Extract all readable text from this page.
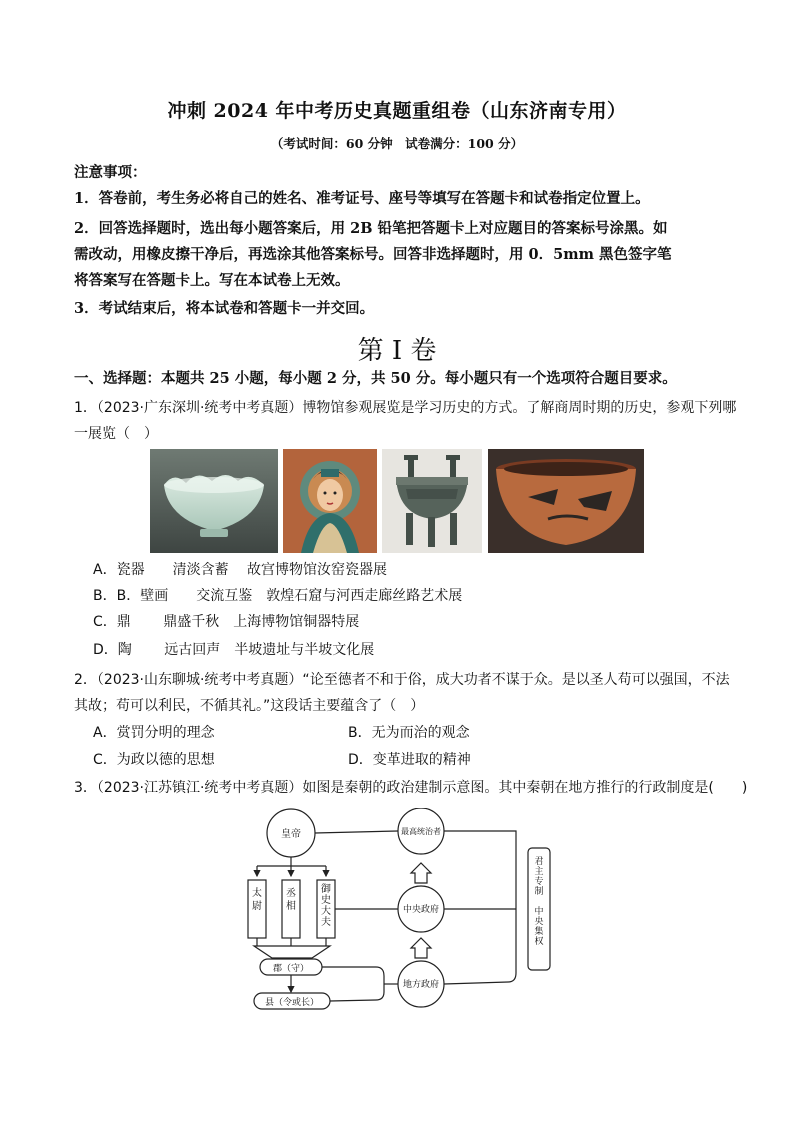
冲刺 2024 年中考历史真题重组卷（山东济南专用）
（考试时间：60 分钟　试卷满分：100 分）
注意事项：
1．答卷前，考生务必将自己的姓名、准考证号、座号等填写在答题卡和试卷指定位置上。
2．回答选择题时，选出每小题答案后，用 2B 铅笔把答题卡上对应题目的答案标号涂黑。如
需改动，用橡皮擦干净后，再选涂其他答案标号。回答非选择题时，用 0．5mm 黑色签字笔
将答案写在答题卡上。写在本试卷上无效。
3．考试结束后，将本试卷和答题卡一并交回。
第 I 卷
一、选择题：本题共 25 小题，每小题 2 分，共 50 分。每小题只有一个选项符合题目要求。
1．（2023·广东深圳·统考中考真题）博物馆参观展览是学习历史的方式。了解商周时期的历史，参观下列哪
一展览（　）
A．瓷器　　清淡含蓄　 故宫博物馆汝窑瓷器展
B．B．壁画　　交流互鉴　敦煌石窟与河西走廊丝路艺术展
C．鼎　　 鼎盛千秋　上海博物馆铜器特展
D．陶　　 远古回声　半坡遗址与半坡文化展
2．（2023·山东聊城·统考中考真题）“论至德者不和于俗，成大功者不谋于众。是以圣人苟可以强国，不法
其故；苟可以利民，不循其礼。”这段话主要蕴含了（　）
A．赏罚分明的理念	B．无为而治的观念
C．为政以德的思想	D．变革进取的精神
3．（2023·江苏镇江·统考中考真题）如图是秦朝的政治建制示意图。其中秦朝在地方推行的行政制度是(　　)
皇帝	最高统治者
中央政府
地方政府
郡（守）
县（令或长）
太尉
丞相
御史大夫
君主专制中央集权
